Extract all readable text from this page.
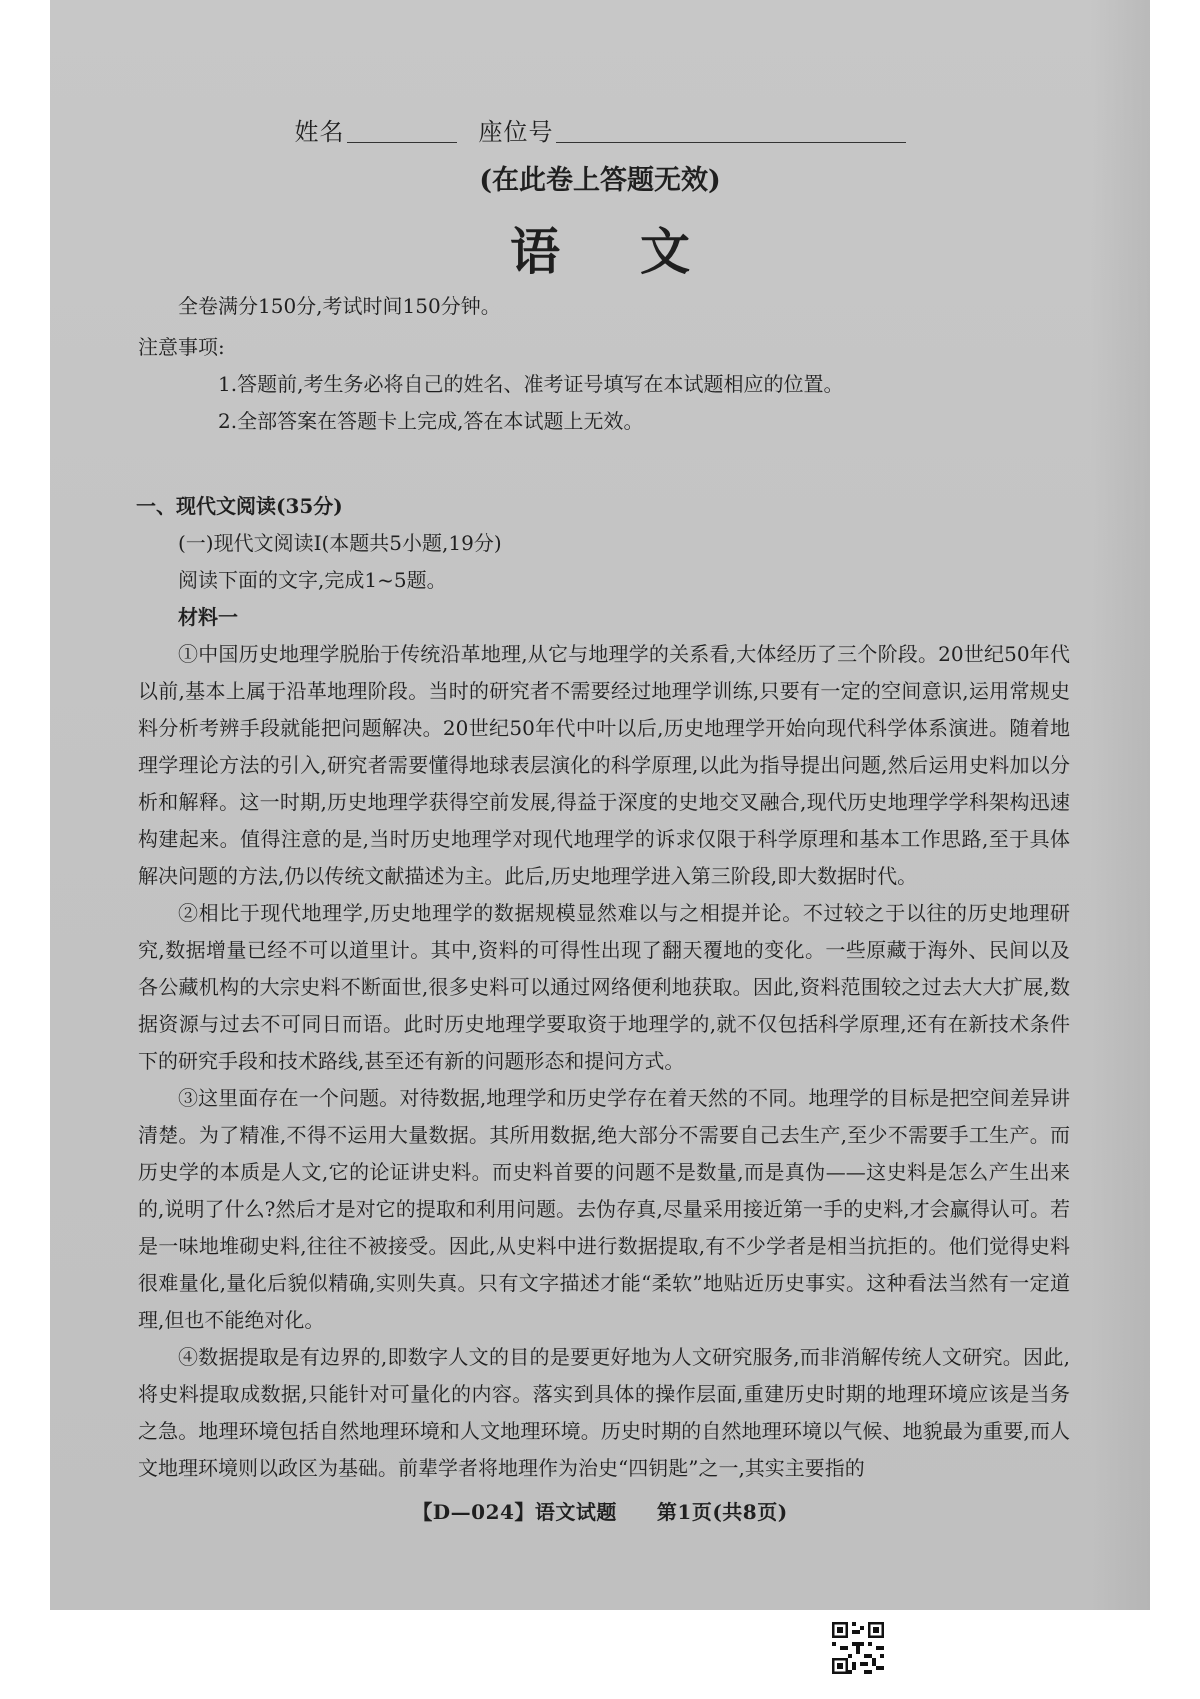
姓名	座位号
(在此卷上答题无效)
语文

全卷满分150分,考试时间150分钟。

注意事项:

1.答题前,考生务必将自己的姓名、准考证号填写在本试题相应的位置。

2.全部答案在答题卡上完成,答在本试题上无效。

一、现代文阅读(35分)

(一)现代文阅读Ⅰ(本题共5小题,19分)

阅读下面的文字,完成1~5题。

材料一

①中国历史地理学脱胎于传统沿革地理,从它与地理学的关系看,大体经历了三个阶段。20世纪50年代以前,基本上属于沿革地理阶段。当时的研究者不需要经过地理学训练,只要有一定的空间意识,运用常规史料分析考辨手段就能把问题解决。20世纪50年代中叶以后,历史地理学开始向现代科学体系演进。随着地理学理论方法的引入,研究者需要懂得地球表层演化的科学原理,以此为指导提出问题,然后运用史料加以分析和解释。这一时期,历史地理学获得空前发展,得益于深度的史地交叉融合,现代历史地理学学科架构迅速构建起来。值得注意的是,当时历史地理学对现代地理学的诉求仅限于科学原理和基本工作思路,至于具体解决问题的方法,仍以传统文献描述为主。此后,历史地理学进入第三阶段,即大数据时代。

②相比于现代地理学,历史地理学的数据规模显然难以与之相提并论。不过较之于以往的历史地理研究,数据增量已经不可以道里计。其中,资料的可得性出现了翻天覆地的变化。一些原藏于海外、民间以及各公藏机构的大宗史料不断面世,很多史料可以通过网络便利地获取。因此,资料范围较之过去大大扩展,数据资源与过去不可同日而语。此时历史地理学要取资于地理学的,就不仅包括科学原理,还有在新技术条件下的研究手段和技术路线,甚至还有新的问题形态和提问方式。

③这里面存在一个问题。对待数据,地理学和历史学存在着天然的不同。地理学的目标是把空间差异讲清楚。为了精准,不得不运用大量数据。其所用数据,绝大部分不需要自己去生产,至少不需要手工生产。而历史学的本质是人文,它的论证讲史料。而史料首要的问题不是数量,而是真伪——这史料是怎么产生出来的,说明了什么?然后才是对它的提取和利用问题。去伪存真,尽量采用接近第一手的史料,才会赢得认可。若是一味地堆砌史料,往往不被接受。因此,从史料中进行数据提取,有不少学者是相当抗拒的。他们觉得史料很难量化,量化后貌似精确,实则失真。只有文字描述才能“柔软”地贴近历史事实。这种看法当然有一定道理,但也不能绝对化。

④数据提取是有边界的,即数字人文的目的是要更好地为人文研究服务,而非消解传统人文研究。因此,将史料提取成数据,只能针对可量化的内容。落实到具体的操作层面,重建历史时期的地理环境应该是当务之急。地理环境包括自然地理环境和人文地理环境。历史时期的自然地理环境以气候、地貌最为重要,而人文地理环境则以政区为基础。前辈学者将地理作为治史“四钥匙”之一,其实主要指的

【D—024】语文试题 第1页(共8页)
